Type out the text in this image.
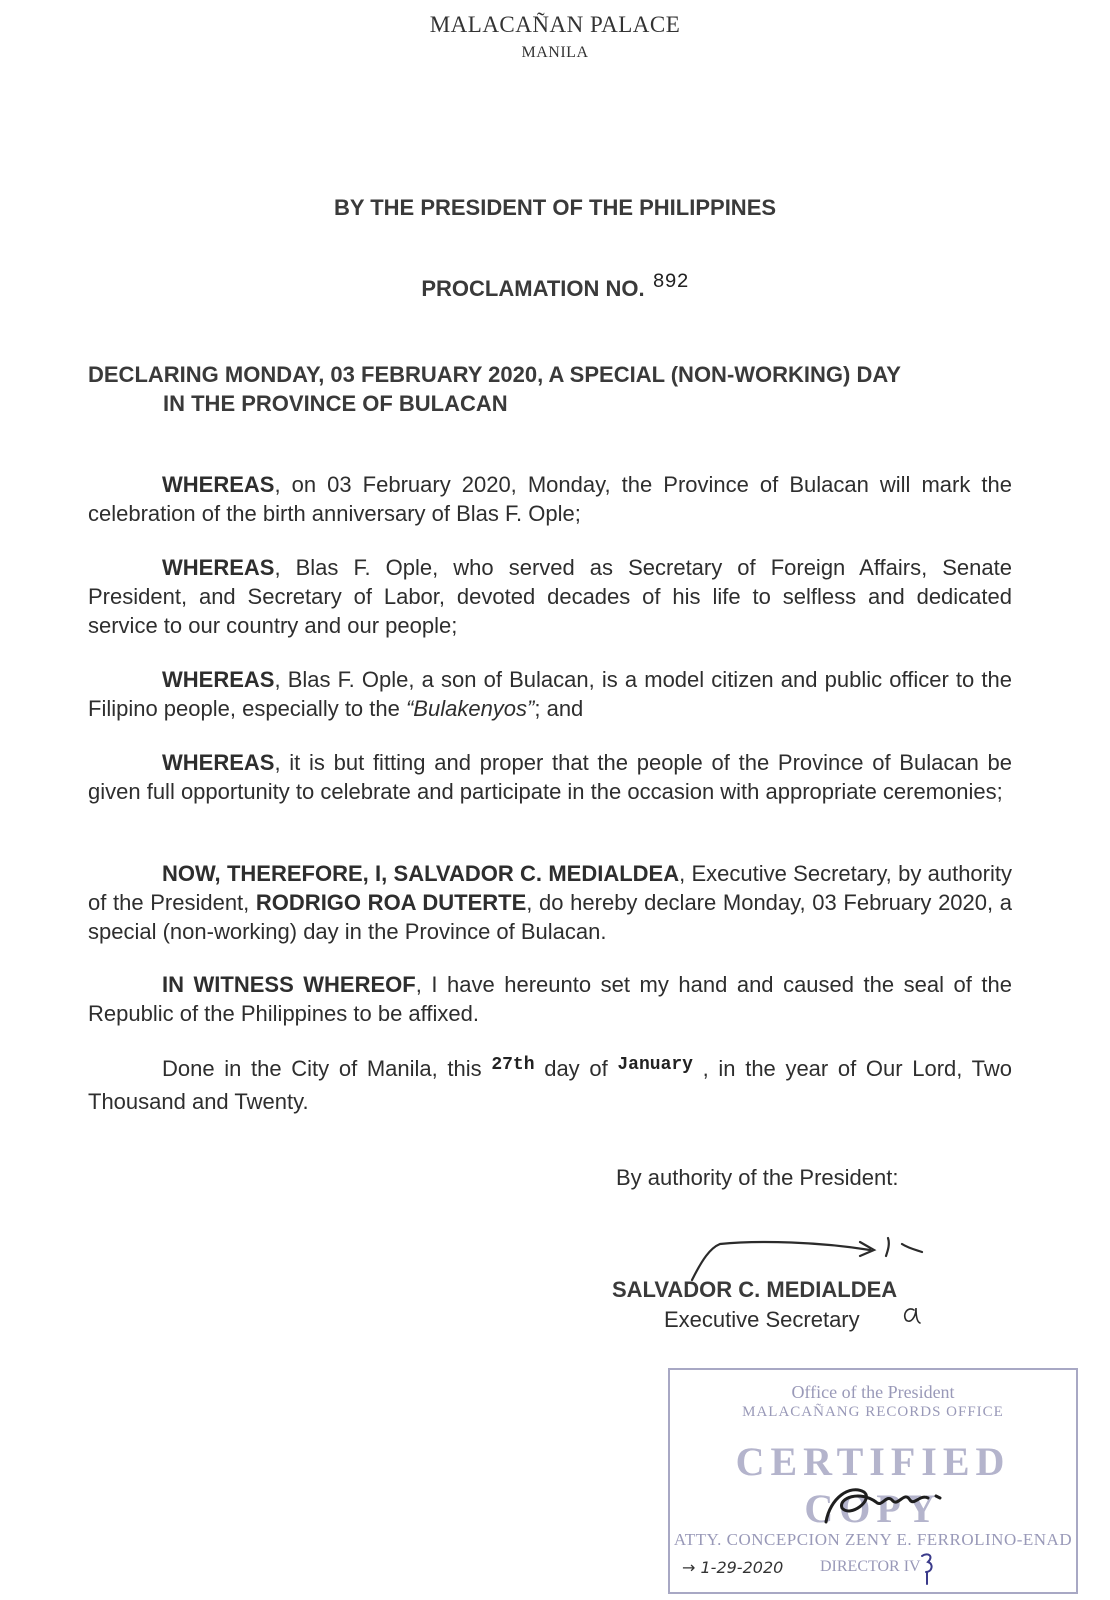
MALACAÑAN PALACE
MANILA
BY THE PRESIDENT OF THE PHILIPPINES
PROCLAMATION NO. 892
DECLARING MONDAY, 03 FEBRUARY 2020, A SPECIAL (NON-WORKING) DAY
IN THE PROVINCE OF BULACAN
WHEREAS, on 03 February 2020, Monday, the Province of Bulacan will mark the celebration of the birth anniversary of Blas F. Ople;
WHEREAS, Blas F. Ople, who served as Secretary of Foreign Affairs, Senate President, and Secretary of Labor, devoted decades of his life to selfless and dedicated service to our country and our people;
WHEREAS, Blas F. Ople, a son of Bulacan, is a model citizen and public officer to the Filipino people, especially to the “Bulakenyos”; and
WHEREAS, it is but fitting and proper that the people of the Province of Bulacan be given full opportunity to celebrate and participate in the occasion with appropriate ceremonies;
NOW, THEREFORE, I, SALVADOR C. MEDIALDEA, Executive Secretary, by authority of the President, RODRIGO ROA DUTERTE, do hereby declare Monday, 03 February 2020, a special (non-working) day in the Province of Bulacan.
IN WITNESS WHEREOF, I have hereunto set my hand and caused the seal of the Republic of the Philippines to be affixed.
Done in the City of Manila, this $^{27th}$ day of $^{January}$ , in the year of Our Lord, Two Thousand and Twenty.
By authority of the President:
SALVADOR C. MEDIALDEA
Executive Secretary
Office of the President
MALACAÑANG RECORDS OFFICE
CERTIFIED COPY
ATTY. CONCEPCION ZENY E. FERROLINO-ENAD
→ 1-29-2020 DIRECTOR IV
